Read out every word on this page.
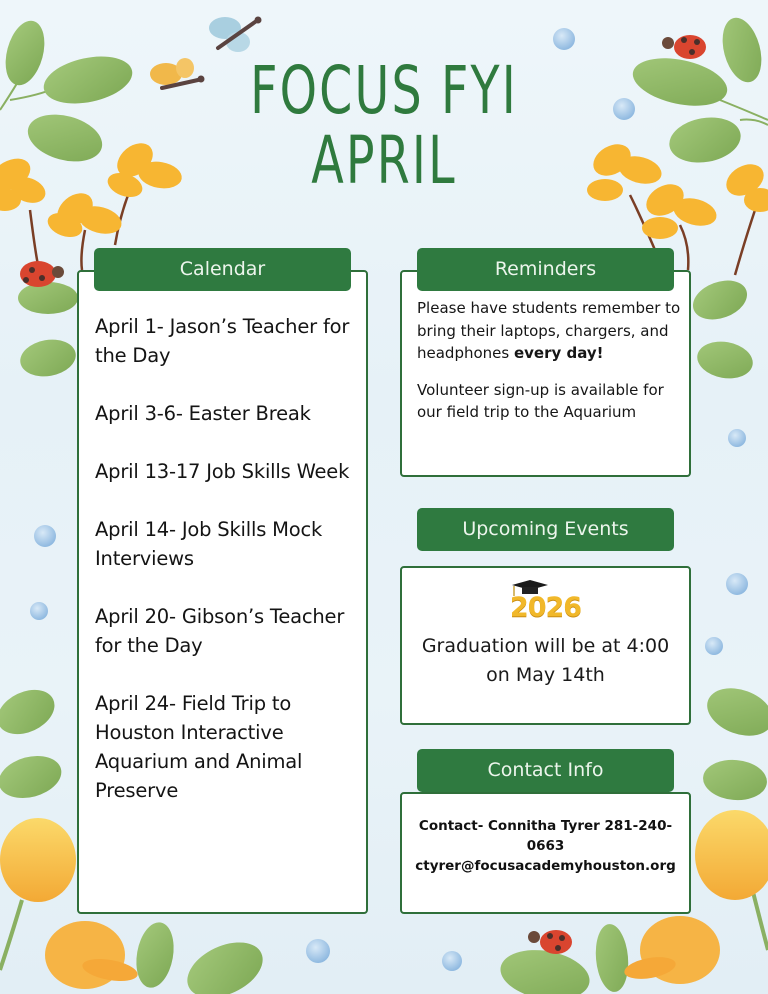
FOCUS FYI
APRIL
April 1- Jason’s Teacher for the Day
April 3-6- Easter Break
April 13-17 Job Skills Week
April 14- Job Skills Mock Interviews
April 20- Gibson’s Teacher for the Day
April 24- Field Trip to Houston Interactive Aquarium and Animal Preserve
Calendar

Please have students remember to bring their laptops, chargers, and headphones every day!

Volunteer sign-up is available for our field trip to the Aquarium

Reminders
Upcoming Events
2026
Graduation will be at 4:00 on May 14th
Contact Info
Contact- Connitha Tyrer 281-240-
0663
ctyrer@focusacademyhouston.org
